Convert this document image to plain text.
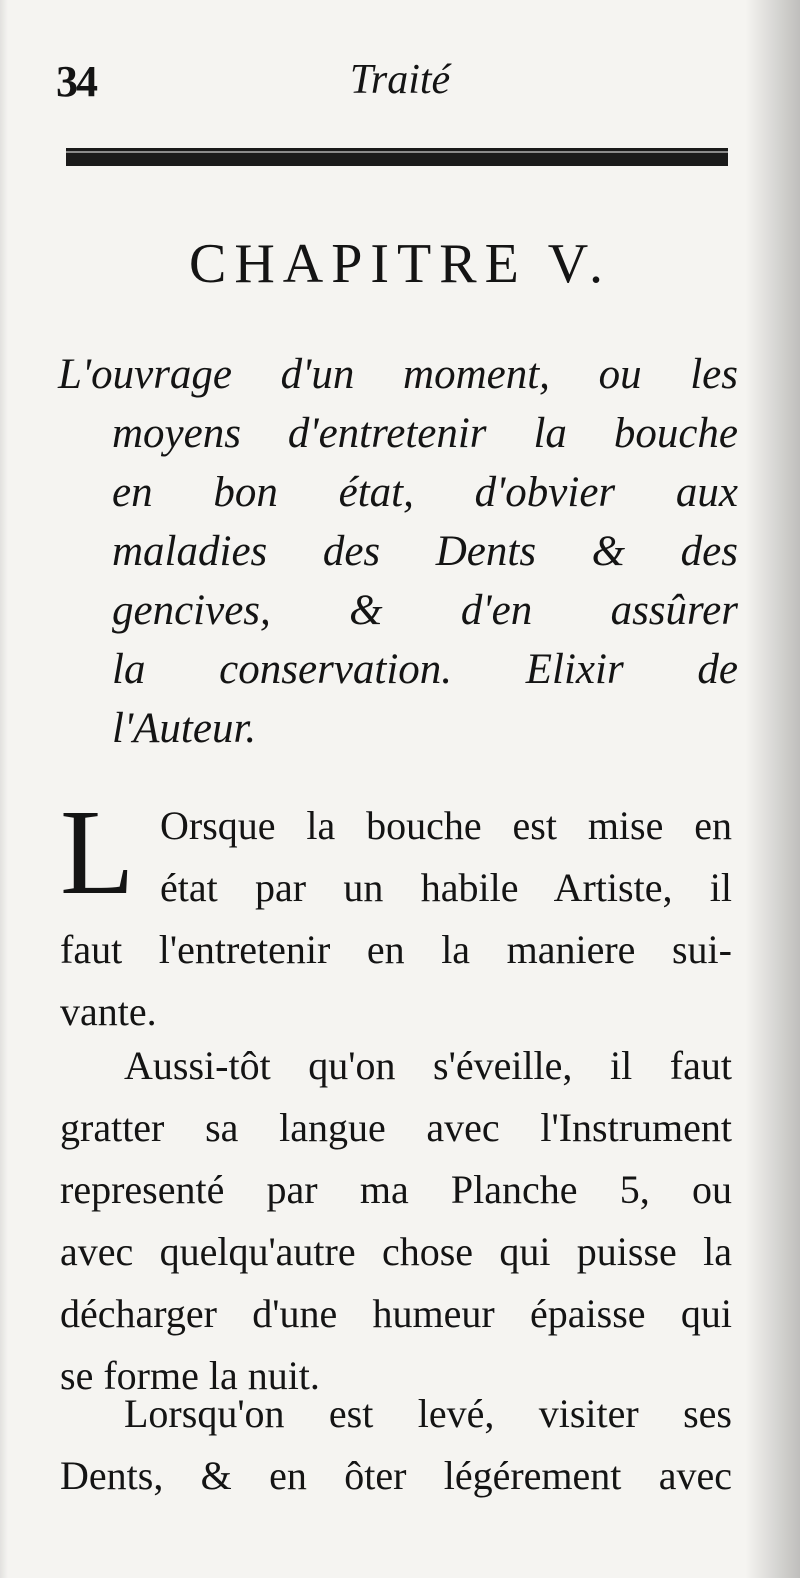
34	Traité
CHAPITRE V.
L'ouvrage d'un moment, ou les
moyens d'entretenir la bouche
en bon état, d'obvier aux
maladies des Dents & des
gencives, & d'en assûrer
la conservation. Elixir de
l'Auteur.
L Orsque la bouche est mise en
état par un habile Artiste, il
faut l'entretenir en la maniere sui-
vante.
Aussi-tôt qu'on s'éveille, il faut
gratter sa langue avec l'Instrument
representé par ma Planche 5, ou
avec quelqu'autre chose qui puisse la
décharger d'une humeur épaisse qui
se forme la nuit.
Lorsqu'on est levé, visiter ses
Dents, & en ôter légérement avec
